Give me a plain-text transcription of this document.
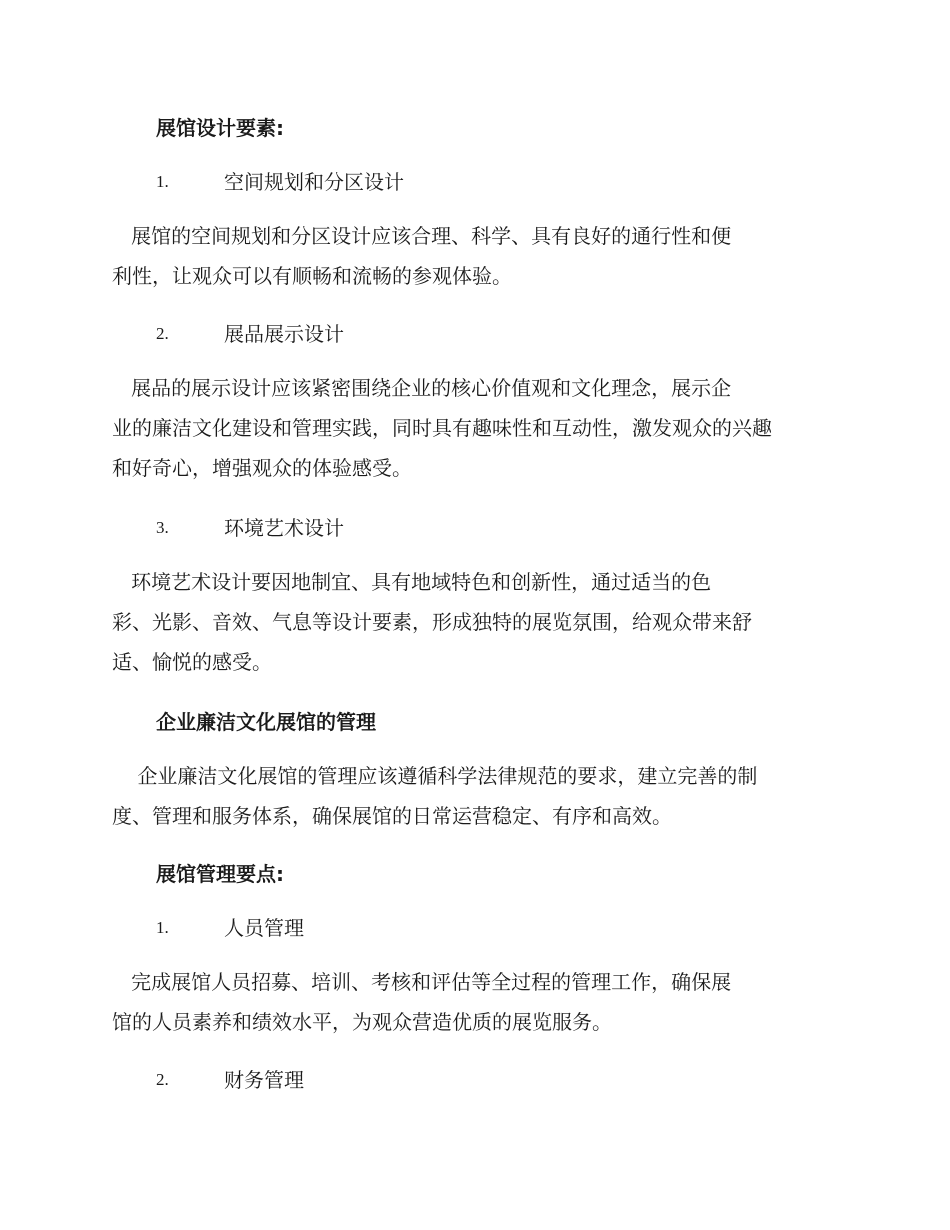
展馆设计要素:
1.	空间规划和分区设计
展馆的空间规划和分区设计应该合理、科学、具有良好的通行性和便
利性，让观众可以有顺畅和流畅的参观体验。
2.	展品展示设计
展品的展示设计应该紧密围绕企业的核心价值观和文化理念，展示企
业的廉洁文化建设和管理实践，同时具有趣味性和互动性，激发观众的兴趣
和好奇心，增强观众的体验感受。
3.	环境艺术设计
环境艺术设计要因地制宜、具有地域特色和创新性，通过适当的色
彩、光影、音效、气息等设计要素，形成独特的展览氛围，给观众带来舒
适、愉悦的感受。
企业廉洁文化展馆的管理
企业廉洁文化展馆的管理应该遵循科学法律规范的要求，建立完善的制
度、管理和服务体系，确保展馆的日常运营稳定、有序和高效。
展馆管理要点:
1.	人员管理
完成展馆人员招募、培训、考核和评估等全过程的管理工作，确保展
馆的人员素养和绩效水平，为观众营造优质的展览服务。
2.	财务管理
